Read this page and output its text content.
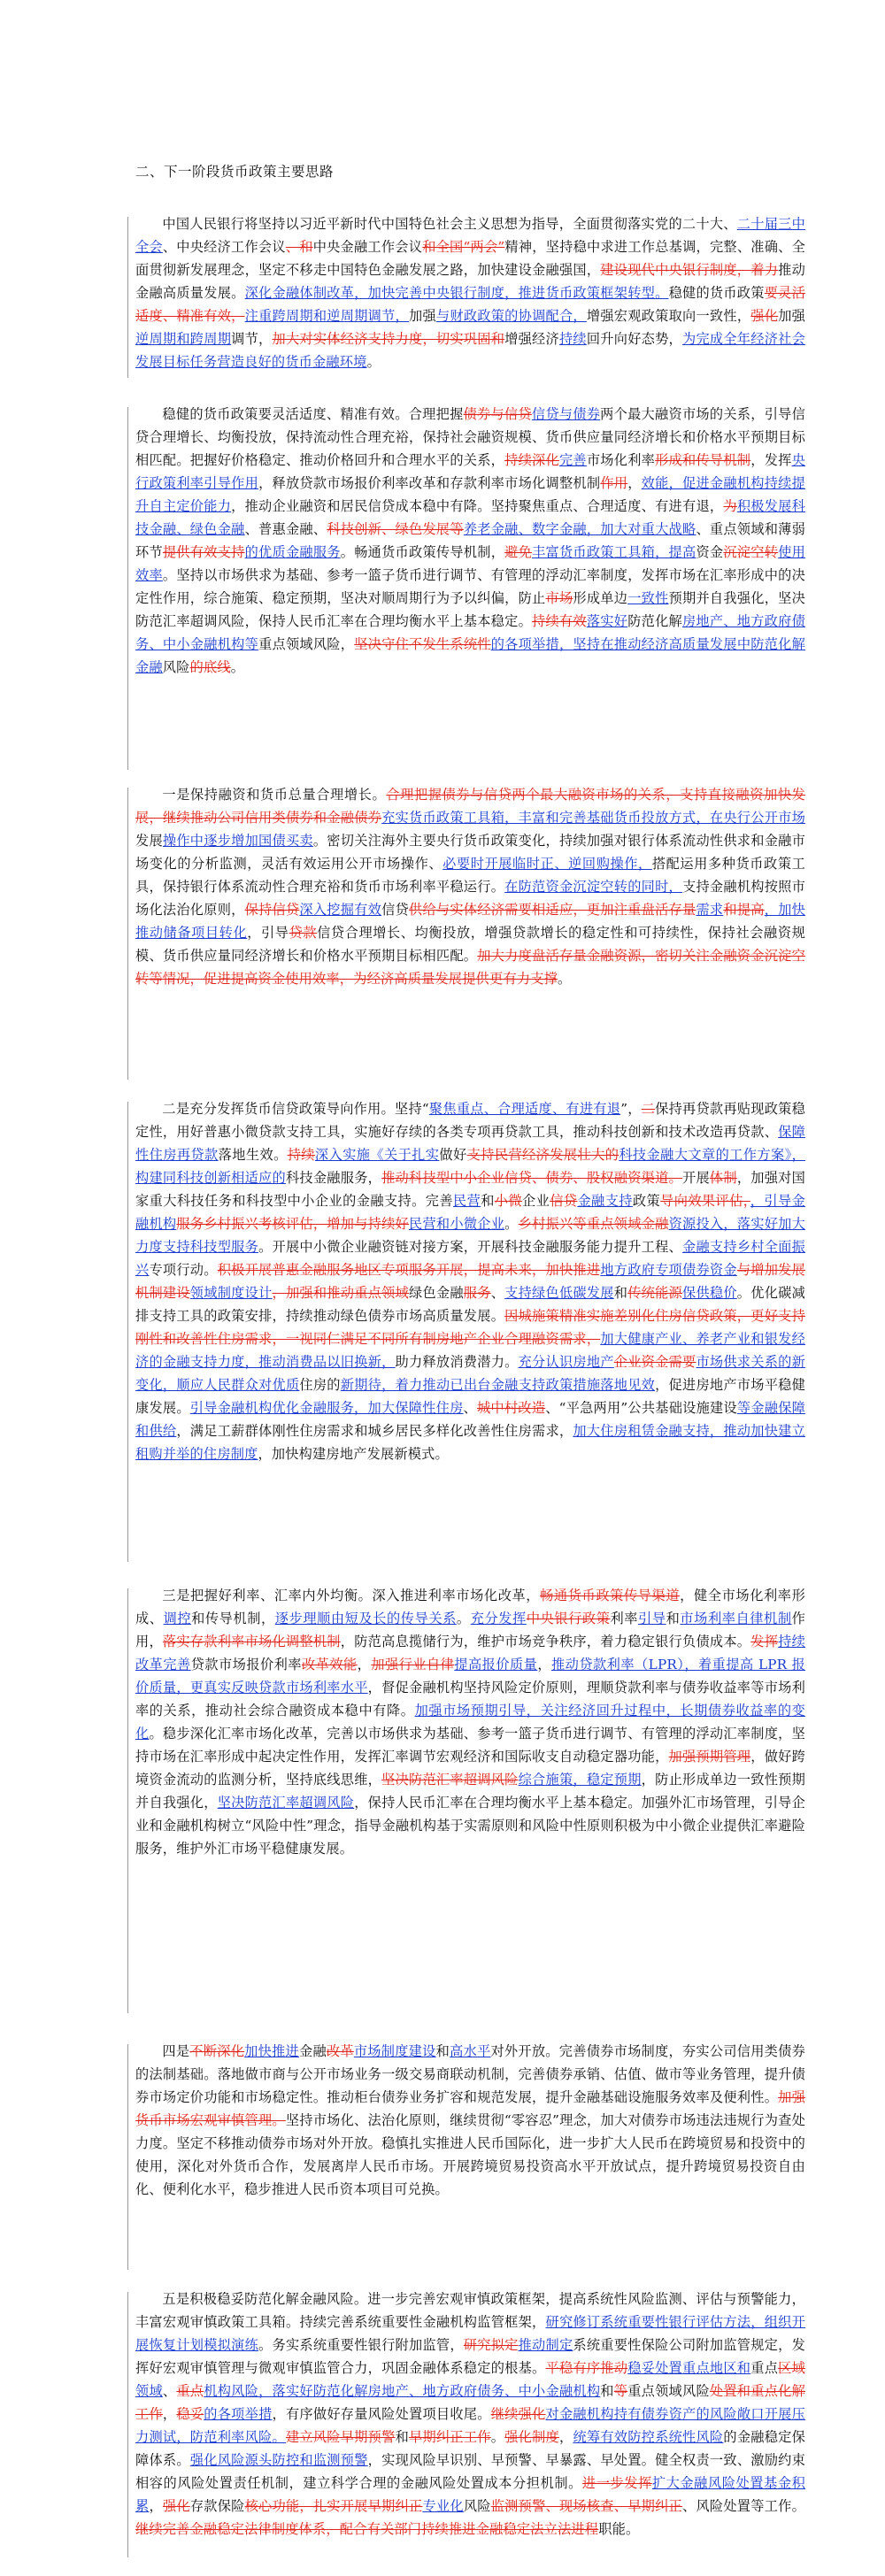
二、下一阶段货币政策主要思路

中国人民银行将坚持以习近平新时代中国特色社会主义思想为指导，全面贯彻落实党的二十大、二十届三中全会、中央经济工作会议、和中央金融工作会议和全国“两会”精神，坚持稳中求进工作总基调，完整、准确、全面贯彻新发展理念，坚定不移走中国特色金融发展之路，加快建设金融强国，建设现代中央银行制度，着力推动金融高质量发展。深化金融体制改革，加快完善中央银行制度，推进货币政策框架转型。稳健的货币政策要灵活适度、精准有效，注重跨周期和逆周期调节，加强与财政政策的协调配合，增强宏观政策取向一致性，强化加强逆周期和跨周期调节，加大对实体经济支持力度，切实巩固和增强经济持续回升向好态势，为完成全年经济社会发展目标任务营造良好的货币金融环境。

稳健的货币政策要灵活适度、精准有效。合理把握债券与信贷信贷与债券两个最大融资市场的关系，引导信贷合理增长、均衡投放，保持流动性合理充裕，保持社会融资规模、货币供应量同经济增长和价格水平预期目标相匹配。把握好价格稳定、推动价格回升和合理水平的关系，持续深化完善市场化利率形成和传导机制，发挥央行政策利率引导作用，释放贷款市场报价利率改革和存款利率市场化调整机制作用，效能，促进金融机构持续提升自主定价能力，推动企业融资和居民信贷成本稳中有降。坚持聚焦重点、合理适度、有进有退，为积极发展科技金融、绿色金融、普惠金融、科技创新、绿色发展等养老金融、数字金融，加大对重大战略、重点领域和薄弱环节提供有效支持的优质金融服务。畅通货币政策传导机制，避免丰富货币政策工具箱，提高资金沉淀空转使用效率。坚持以市场供求为基础、参考一篮子货币进行调节、有管理的浮动汇率制度，发挥市场在汇率形成中的决定性作用，综合施策、稳定预期，坚决对顺周期行为予以纠偏，防止市场形成单边一致性预期并自我强化，坚决防范汇率超调风险，保持人民币汇率在合理均衡水平上基本稳定。持续有效落实好防范化解房地产、地方政府债务、中小金融机构等重点领域风险，坚决守住不发生系统性的各项举措，坚持在推动经济高质量发展中防范化解金融风险的底线。

一是保持融资和货币总量合理增长。合理把握债券与信贷两个最大融资市场的关系，支持直接融资加快发展，继续推动公司信用类债券和金融债券充实货币政策工具箱，丰富和完善基础货币投放方式，在央行公开市场发展操作中逐步增加国债买卖。密切关注海外主要央行货币政策变化，持续加强对银行体系流动性供求和金融市场变化的分析监测，灵活有效运用公开市场操作、必要时开展临时正、逆回购操作，搭配运用多种货币政策工具，保持银行体系流动性合理充裕和货币市场利率平稳运行。在防范资金沉淀空转的同时，支持金融机构按照市场化法治化原则，保持信贷深入挖掘有效信贷供给与实体经济需要相适应，更加注重盘活存量需求和提高，加快推动储备项目转化，引导贷款信贷合理增长、均衡投放，增强贷款增长的稳定性和可持续性，保持社会融资规模、货币供应量同经济增长和价格水平预期目标相匹配。加大力度盘活存量金融资源，密切关注金融资金沉淀空转等情况，促进提高资金使用效率，为经济高质量发展提供更有力支撑。

二是充分发挥货币信贷政策导向作用。坚持“聚焦重点、合理适度、有进有退”，二保持再贷款再贴现政策稳定性，用好普惠小微贷款支持工具，实施好存续的各类专项再贷款工具，推动科技创新和技术改造再贷款、保障性住房再贷款落地生效。持续深入实施《关于扎实做好支持民营经济发展壮大的科技金融大文章的工作方案》，构建同科技创新相适应的科技金融服务，推动科技型中小企业信贷、债券、股权融资渠道。开展体制，加强对国家重大科技任务和科技型中小企业的金融支持。完善民营和小微企业信贷金融支持政策导向效果评估，，引导金融机构服务乡村振兴考核评估，增加与持续好民营和小微企业。乡村振兴等重点领域金融资源投入，落实好加大力度支持科技型服务。开展中小微企业融资链对接方案，开展科技金融服务能力提升工程、金融支持乡村全面振兴专项行动。积极开展普惠金融服务地区专项服务开展，提高未来，加快推进地方政府专项债券资金与增加发展机制建设领域制度设计，加强和推动重点领域绿色金融服务、支持绿色低碳发展和传统能源保供稳价。优化碳减排支持工具的政策安排，持续推动绿色债券市场高质量发展。因城施策精准实施差别化住房信贷政策，更好支持刚性和改善性住房需求，一视同仁满足不同所有制房地产企业合理融资需求，加大健康产业、养老产业和银发经济的金融支持力度，推动消费品以旧换新，助力释放消费潜力。充分认识房地产企业资金需要市场供求关系的新变化，顺应人民群众对优质住房的新期待，着力推动已出台金融支持政策措施落地见效，促进房地产市场平稳健康发展。引导金融机构优化金融服务，加大保障性住房、城中村改造、“平急两用”公共基础设施建设等金融保障和供给，满足工薪群体刚性住房需求和城乡居民多样化改善性住房需求，加大住房租赁金融支持，推动加快建立租购并举的住房制度，加快构建房地产发展新模式。

三是把握好利率、汇率内外均衡。深入推进利率市场化改革，畅通货币政策传导渠道，健全市场化利率形成、调控和传导机制，逐步理顺由短及长的传导关系。充分发挥中央银行政策利率引导和市场利率自律机制作用，落实存款利率市场化调整机制，防范高息揽储行为，维护市场竞争秩序，着力稳定银行负债成本。发挥持续改革完善贷款市场报价利率改革效能，加强行业自律提高报价质量，推动贷款利率（LPR），着重提高 LPR 报价质量，更真实反映贷款市场利率水平，督促金融机构坚持风险定价原则，理顺贷款利率与债券收益率等市场利率的关系，推动社会综合融资成本稳中有降。加强市场预期引导，关注经济回升过程中，长期债券收益率的变化。稳步深化汇率市场化改革，完善以市场供求为基础、参考一篮子货币进行调节、有管理的浮动汇率制度，坚持市场在汇率形成中起决定性作用，发挥汇率调节宏观经济和国际收支自动稳定器功能，加强预期管理，做好跨境资金流动的监测分析，坚持底线思维，坚决防范汇率超调风险综合施策，稳定预期，防止形成单边一致性预期并自我强化，坚决防范汇率超调风险，保持人民币汇率在合理均衡水平上基本稳定。加强外汇市场管理，引导企业和金融机构树立“风险中性”理念，指导金融机构基于实需原则和风险中性原则积极为中小微企业提供汇率避险服务，维护外汇市场平稳健康发展。

四是不断深化加快推进金融改革市场制度建设和高水平对外开放。完善债券市场制度，夯实公司信用类债券的法制基础。落地做市商与公开市场业务一级交易商联动机制，完善债券承销、估值、做市等业务管理，提升债券市场定价功能和市场稳定性。推动柜台债券业务扩容和规范发展，提升金融基础设施服务效率及便利性。加强货币市场宏观审慎管理。坚持市场化、法治化原则，继续贯彻“零容忍”理念，加大对债券市场违法违规行为查处力度。坚定不移推动债券市场对外开放。稳慎扎实推进人民币国际化，进一步扩大人民币在跨境贸易和投资中的使用，深化对外货币合作，发展离岸人民币市场。开展跨境贸易投资高水平开放试点，提升跨境贸易投资自由化、便利化水平，稳步推进人民币资本项目可兑换。

五是积极稳妥防范化解金融风险。进一步完善宏观审慎政策框架，提高系统性风险监测、评估与预警能力，丰富宏观审慎政策工具箱。持续完善系统重要性金融机构监管框架，研究修订系统重要性银行评估方法，组织开展恢复计划模拟演练。务实系统重要性银行附加监管，研究拟定推动制定系统重要性保险公司附加监管规定，发挥好宏观审慎管理与微观审慎监管合力，巩固金融体系稳定的根基。平稳有序推动稳妥处置重点地区和重点区域领域、重点机构风险，落实好防范化解房地产、地方政府债务、中小金融机构和等重点领域风险处置和重点化解工作，稳妥的各项举措，有序做好存量风险处置项目收尾。继续强化对金融机构持有债券资产的风险敞口开展压力测试，防范利率风险。建立风险早期预警和早期纠正工作。强化制度，统筹有效防控系统性风险的金融稳定保障体系。强化风险源头防控和监测预警，实现风险早识别、早预警、早暴露、早处置。健全权责一致、激励约束相容的风险处置责任机制，建立科学合理的金融风险处置成本分担机制。进一步发挥扩大金融风险处置基金积累，强化存款保险核心功能，扎实开展早期纠正专业化风险监测预警、现场核查、早期纠正、风险处置等工作。继续完善金融稳定法律制度体系，配合有关部门持续推进金融稳定法立法进程职能。
